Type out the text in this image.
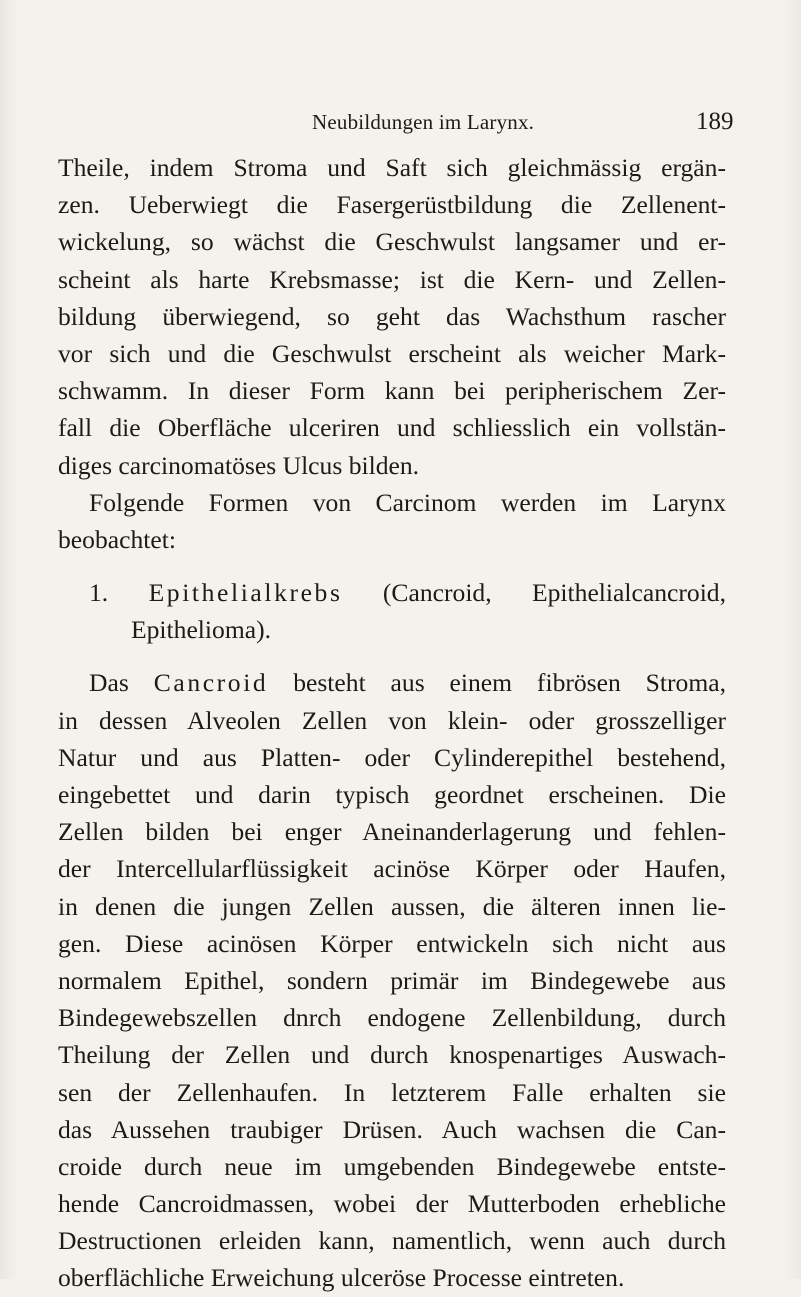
Neubildungen im Larynx.	189
Theile, indem Stroma und Saft sich gleichmässig ergän-
zen. Ueberwiegt die Fasergerüstbildung die Zellenent-
wickelung, so wächst die Geschwulst langsamer und er-
scheint als harte Krebsmasse; ist die Kern- und Zellen-
bildung überwiegend, so geht das Wachsthum rascher
vor sich und die Geschwulst erscheint als weicher Mark-
schwamm. In dieser Form kann bei peripherischem Zer-
fall die Oberfläche ulceriren und schliesslich ein vollstän-
diges carcinomatöses Ulcus bilden.
Folgende Formen von Carcinom werden im Larynx
beobachtet:
1. Epithelialkrebs (Cancroid, Epithelialcancroid,
Epithelioma).
Das Cancroid besteht aus einem fibrösen Stroma,
in dessen Alveolen Zellen von klein- oder grosszelliger
Natur und aus Platten- oder Cylinderepithel bestehend,
eingebettet und darin typisch geordnet erscheinen. Die
Zellen bilden bei enger Aneinanderlagerung und fehlen-
der Intercellularflüssigkeit acinöse Körper oder Haufen,
in denen die jungen Zellen aussen, die älteren innen lie-
gen. Diese acinösen Körper entwickeln sich nicht aus
normalem Epithel, sondern primär im Bindegewebe aus
Bindegewebszellen dnrch endogene Zellenbildung, durch
Theilung der Zellen und durch knospenartiges Auswach-
sen der Zellenhaufen. In letzterem Falle erhalten sie
das Aussehen traubiger Drüsen. Auch wachsen die Can-
croide durch neue im umgebenden Bindegewebe entste-
hende Cancroidmassen, wobei der Mutterboden erhebliche
Destructionen erleiden kann, namentlich, wenn auch durch
oberflächliche Erweichung ulceröse Processe eintreten.
